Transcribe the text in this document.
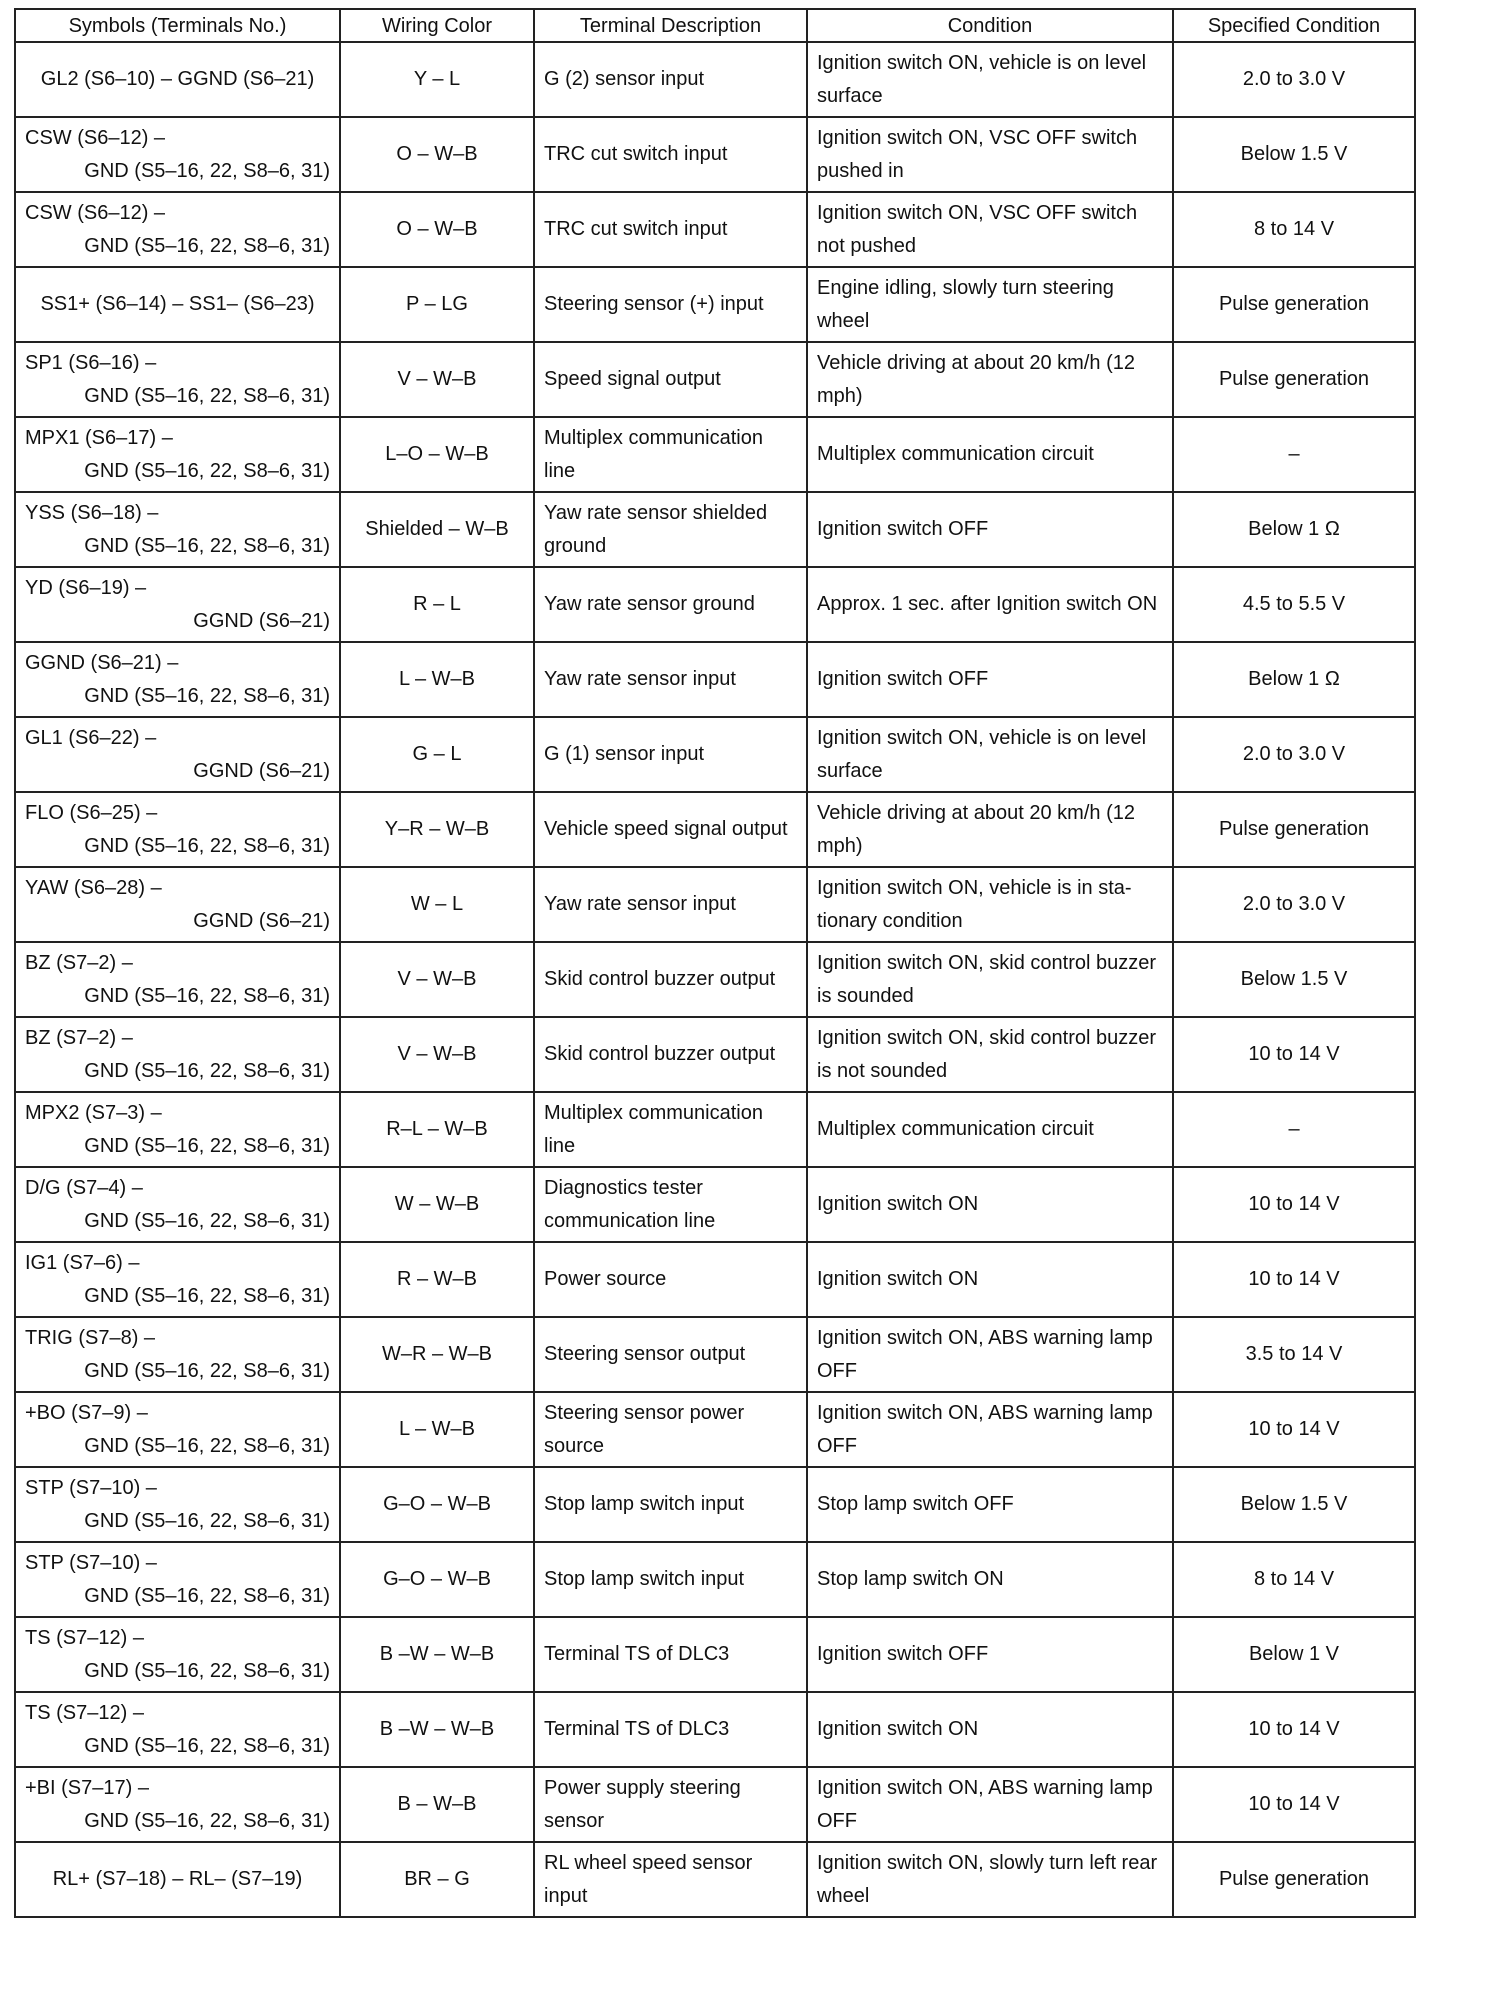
Symbols (Terminals No.)	Wiring Color	Terminal Description	Condition	Specified Condition

GL2 (S6–10) – GGND (S6–21)	Y – L	G (2) sensor input	Ignition switch ON, vehicle is on level surface	2.0 to 3.0 V

CSW (S6–12) –
GND (S5–16, 22, S8–6, 31)	O – W–B	TRC cut switch input	Ignition switch ON, VSC OFF switch pushed in	Below 1.5 V

CSW (S6–12) –
GND (S5–16, 22, S8–6, 31)	O – W–B	TRC cut switch input	Ignition switch ON, VSC OFF switch not pushed	8 to 14 V

SS1+ (S6–14) – SS1– (S6–23)	P – LG	Steering sensor (+) input	Engine idling, slowly turn steering wheel	Pulse generation

SP1 (S6–16) –
GND (S5–16, 22, S8–6, 31)	V – W–B	Speed signal output	Vehicle driving at about 20 km/h (12 mph)	Pulse generation

MPX1 (S6–17) –
GND (S5–16, 22, S8–6, 31)	L–O – W–B	Multiplex communication line	Multiplex communication circuit	–

YSS (S6–18) –
GND (S5–16, 22, S8–6, 31)	Shielded – W–B	Yaw rate sensor shielded ground	Ignition switch OFF	Below 1 Ω

YD (S6–19) –
GGND (S6–21)	R – L	Yaw rate sensor ground	Approx. 1 sec. after Ignition switch ON	4.5 to 5.5 V

GGND (S6–21) –
GND (S5–16, 22, S8–6, 31)	L – W–B	Yaw rate sensor input	Ignition switch OFF	Below 1 Ω

GL1 (S6–22) –
GGND (S6–21)	G – L	G (1) sensor input	Ignition switch ON, vehicle is on level surface	2.0 to 3.0 V

FLO (S6–25) –
GND (S5–16, 22, S8–6, 31)	Y–R – W–B	Vehicle speed signal output	Vehicle driving at about 20 km/h (12 mph)	Pulse generation

YAW (S6–28) –
GGND (S6–21)	W – L	Yaw rate sensor input	Ignition switch ON, vehicle is in sta- tionary condition	2.0 to 3.0 V

BZ (S7–2) –
GND (S5–16, 22, S8–6, 31)	V – W–B	Skid control buzzer output	Ignition switch ON, skid control buzzer is sounded	Below 1.5 V

BZ (S7–2) –
GND (S5–16, 22, S8–6, 31)	V – W–B	Skid control buzzer output	Ignition switch ON, skid control buzzer is not sounded	10 to 14 V

MPX2 (S7–3) –
GND (S5–16, 22, S8–6, 31)	R–L – W–B	Multiplex communication line	Multiplex communication circuit	–

D/G (S7–4) –
GND (S5–16, 22, S8–6, 31)	W – W–B	Diagnostics tester communication line	Ignition switch ON	10 to 14 V

IG1 (S7–6) –
GND (S5–16, 22, S8–6, 31)	R – W–B	Power source	Ignition switch ON	10 to 14 V

TRIG (S7–8) –
GND (S5–16, 22, S8–6, 31)	W–R – W–B	Steering sensor output	Ignition switch ON, ABS warning lamp OFF	3.5 to 14 V

+BO (S7–9) –
GND (S5–16, 22, S8–6, 31)	L – W–B	Steering sensor power source	Ignition switch ON, ABS warning lamp OFF	10 to 14 V

STP (S7–10) –
GND (S5–16, 22, S8–6, 31)	G–O – W–B	Stop lamp switch input	Stop lamp switch OFF	Below 1.5 V

STP (S7–10) –
GND (S5–16, 22, S8–6, 31)	G–O – W–B	Stop lamp switch input	Stop lamp switch ON	8 to 14 V

TS (S7–12) –
GND (S5–16, 22, S8–6, 31)	B –W – W–B	Terminal TS of DLC3	Ignition switch OFF	Below 1 V

TS (S7–12) –
GND (S5–16, 22, S8–6, 31)	B –W – W–B	Terminal TS of DLC3	Ignition switch ON	10 to 14 V

+BI (S7–17) –
GND (S5–16, 22, S8–6, 31)	B – W–B	Power supply steering sensor	Ignition switch ON, ABS warning lamp OFF	10 to 14 V

RL+ (S7–18) – RL– (S7–19)	BR – G	RL wheel speed sensor input	Ignition switch ON, slowly turn left rear wheel	Pulse generation
